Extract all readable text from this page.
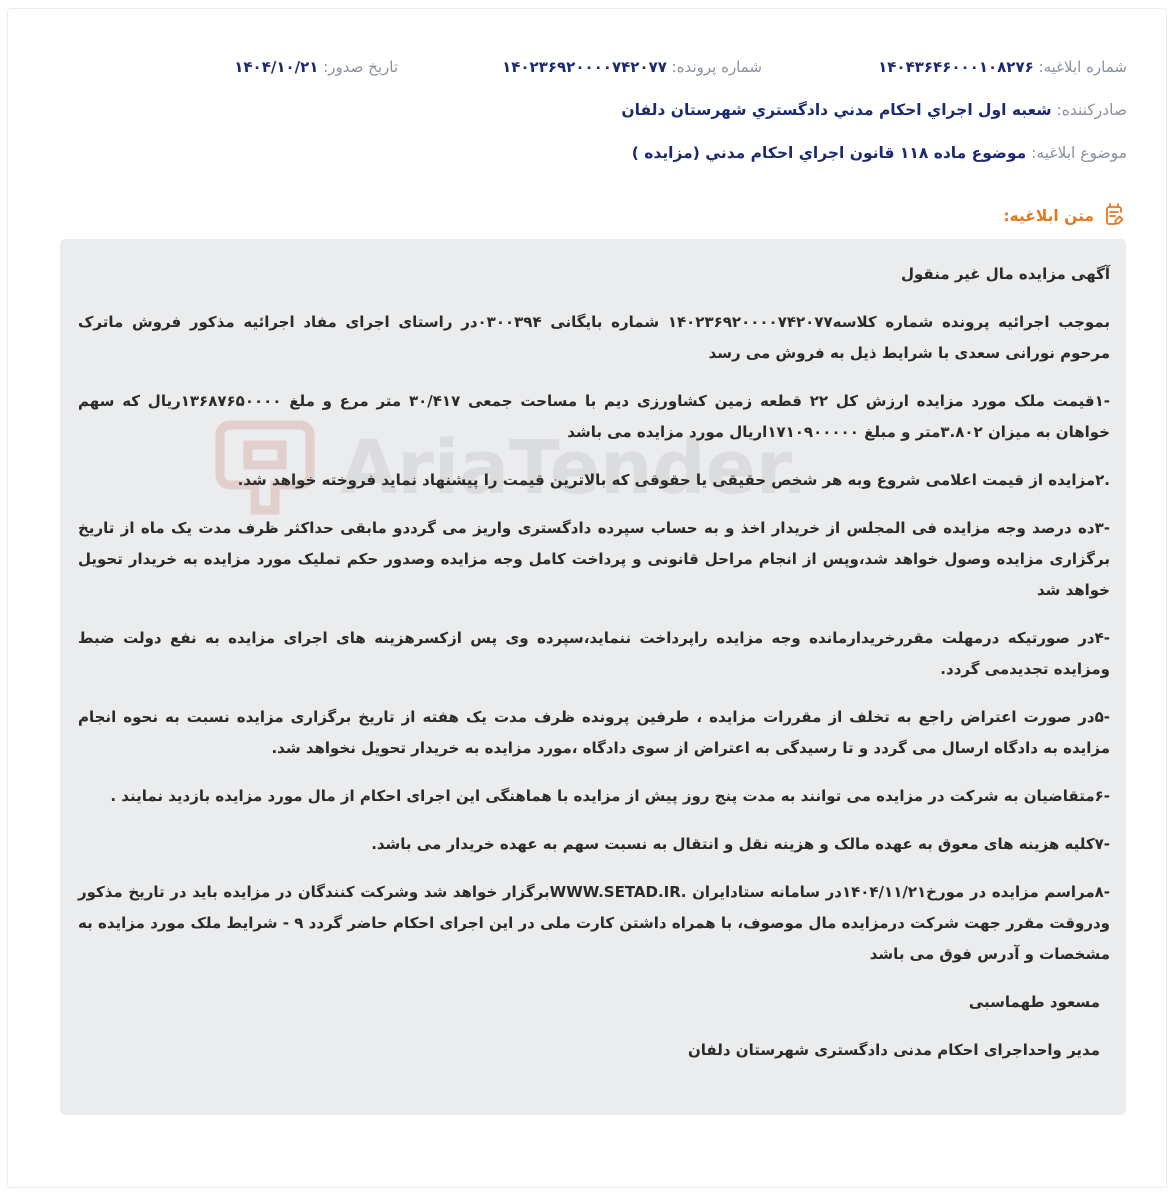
شماره ابلاغیه: ۱۴۰۴۳۶۴۶۰۰۰۱۰۸۲۷۶
شماره پرونده: ۱۴۰۲۳۶۹۲۰۰۰۰۷۴۲۰۷۷
تاریخ صدور: ۱۴۰۴/۱۰/۲۱
صادرکننده: شعبه اول اجراي احكام مدني دادگستري شهرستان دلفان
موضوع ابلاغیه: موضوع ماده ۱۱۸ قانون اجراي احکام مدني (مزايده )
متن ابلاغیه:

آگهی مزایده مال غیر منقول

بموجب اجرائیه پرونده شماره کلاسه۱۴۰۲۳۶۹۲۰۰۰۰۷۴۲۰۷۷ شماره بایگانی ۰۳۰۰۳۹۴در راستای اجرای مفاد اجرائیه مذکور فروش ماترک مرحوم نورانی سعدی با شرایط ذیل به فروش می رسد

-۱قیمت ملک مورد مزایده ارزش کل ۲۲ قطعه زمین کشاورزی دیم با مساحت جمعی ۳۰/۴۱۷ متر مرع و ملغ ۱۳۶۸۷۶۵۰۰۰۰ریال که سهم خواهان به میزان ۳.۸۰۲متر و مبلغ ۱۷۱۰۹۰۰۰۰۰اریال مورد مزایده می باشد

.۲مزایده از قیمت اعلامی شروع وبه هر شخص حقیقی یا حقوقی که بالاترین قیمت را پیشنهاد نماید فروخته خواهد شد.

-۳ده درصد وجه مزایده فی المجلس از خریدار اخذ و به حساب سپرده دادگستری واریز می گرددو مابقی حداکثر ظرف مدت یک ماه از تاریخ برگزاری مزایده وصول خواهد شد،وپس از انجام مراحل قانونی و پرداخت کامل وجه مزایده وصدور حکم تملیک مورد مزایده به خریدار تحویل خواهد شد

-۴در صورتیکه درمهلت مقررخریدارمانده وجه مزایده راپرداخت ننماید،سپرده وی پس ازکسرهزینه های اجرای مزایده به نفع دولت ضبط ومزایده تجدیدمی گردد.

-۵در صورت اعتراض راجع به تخلف از مقررات مزایده ، طرفین پرونده ظرف مدت یک هفته از تاریخ برگزاری مزایده نسبت به نحوه انجام مزایده به دادگاه ارسال می گردد و تا رسیدگی به اعتراض از سوی دادگاه ،مورد مزایده به خریدار تحویل نخواهد شد.

-۶متقاضیان به شرکت در مزایده می توانند به مدت پنج روز پیش از مزایده با هماهنگی این اجرای احکام از مال مورد مزایده بازدید نمایند .

-۷کلیه هزینه های معوق به عهده مالک و هزینه نقل و انتقال به نسبت سهم به عهده خریدار می باشد.

-۸مراسم مزایده در مورخ۱۴۰۴/۱۱/۲۱در سامانه ستادایران .WWW.SETAD.IRبرگزار خواهد شد وشرکت کنندگان در مزایده باید در تاریخ مذکور ودروقت مقرر جهت شرکت درمزایده مال موصوف، با همراه داشتن کارت ملی در این اجرای احکام حاضر گردد ۹ - شرایط ملک مورد مزایده به مشخصات و آدرس فوق می باشد

مسعود طهماسبی

مدیر واحداجرای احکام مدنی دادگستری شهرستان دلفان
